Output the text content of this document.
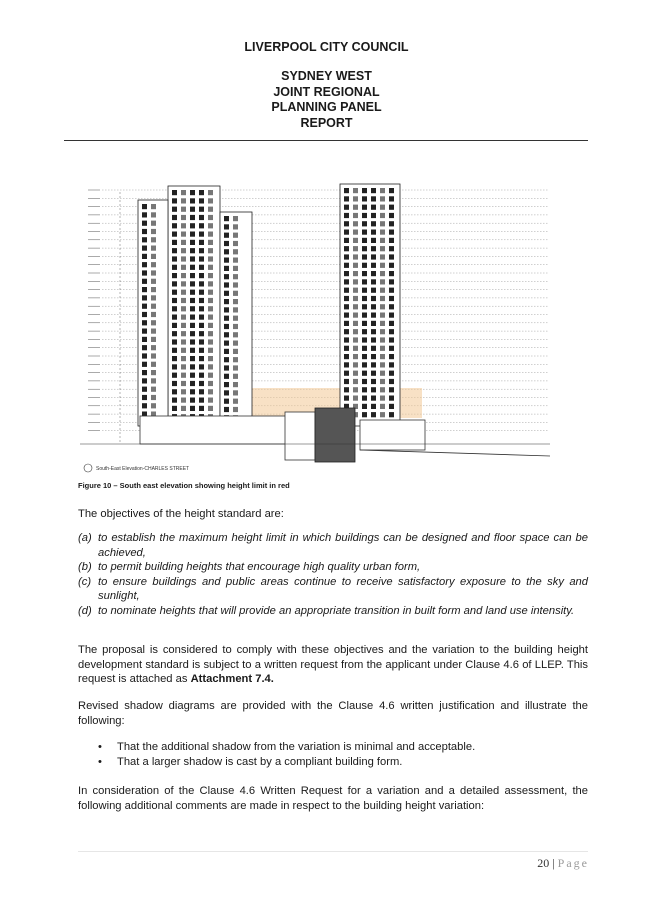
LIVERPOOL CITY COUNCIL
SYDNEY WEST
JOINT REGIONAL
PLANNING PANEL
REPORT
South-East Elevation-CHARLES STREET
Figure 10 – South east elevation showing height limit in red
The objectives of the height standard are:
(a) to establish the maximum height limit in which buildings can be designed and floor space can be achieved,
(b) to permit building heights that encourage high quality urban form,
(c) to ensure buildings and public areas continue to receive satisfactory exposure to the sky and sunlight,
(d) to nominate heights that will provide an appropriate transition in built form and land use intensity.
The proposal is considered to comply with these objectives and the variation to the building height development standard is subject to a written request from the applicant under Clause 4.6 of LLEP. This request is attached as Attachment 7.4.
Revised shadow diagrams are provided with the Clause 4.6 written justification and illustrate the following:
• That the additional shadow from the variation is minimal and acceptable.
• That a larger shadow is cast by a compliant building form.
In consideration of the Clause 4.6 Written Request for a variation and a detailed assessment, the following additional comments are made in respect to the building height variation:
20 | Page
